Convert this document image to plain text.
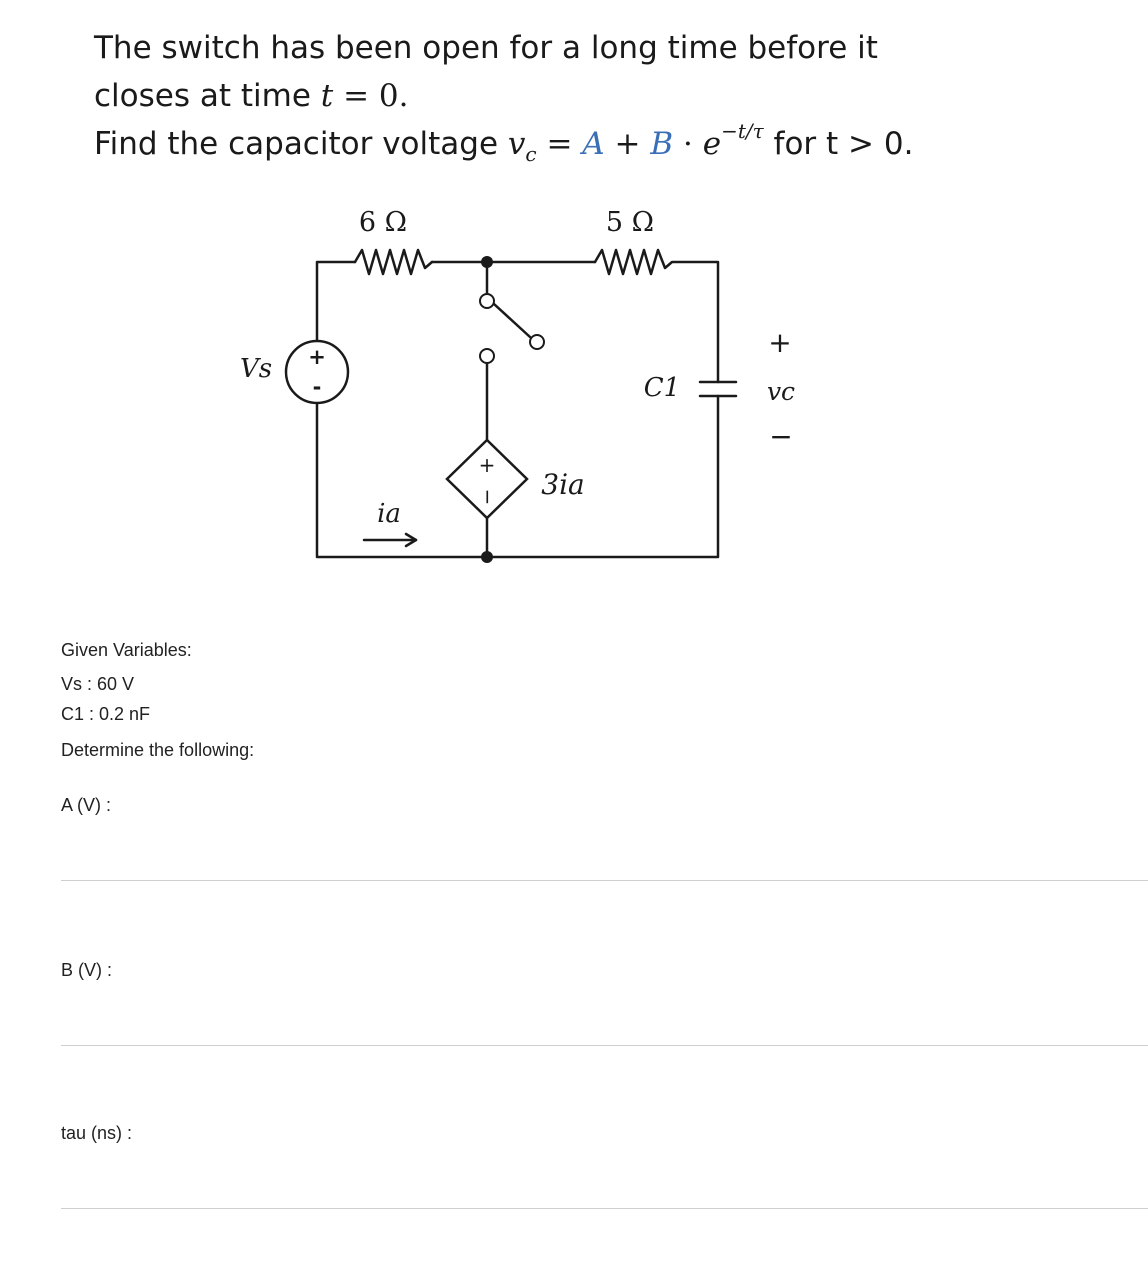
The switch has been open for a long time before it
closes at time t = 0.
Find the capacitor voltage $v_c = A + B \cdot e^{-t/\tau}$ for t > 0.
6 Ω	5 Ω
Vs +
-
ia
+
− 3ia
C1
+
vc
−
Given Variables:
Vs : 60 V
C1 : 0.2 nF
Determine the following:
A (V) :
B (V) :
tau (ns) :
